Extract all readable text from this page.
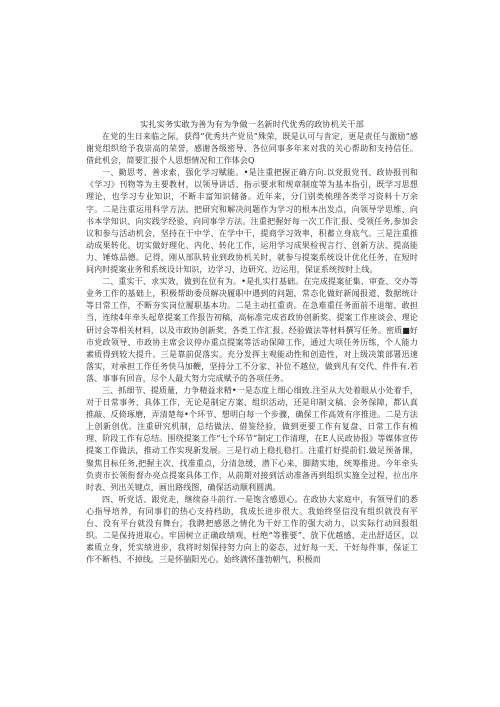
实扎实务实敢为善为有为争做一名新时代优秀的政协机关干部

在党的生日来临之际，获得“优秀共产党员”殊荣，既是认可与肯定，更是责任与激励“感谢党组织给予我崇高的荣誉，感谢各级密导、各位同事多年来对我的关心帮助和支持信任。借此机会，简要汇报个人思想情况和工作体会Q

一、勤思考、善求索，强化学习赋能。•是注重把握正确方向.以党报党刊、政协报刊和《学习》刊物等为主要教材，以领导讲话、指示要求和规章制度等为基本指引，既学习思想理论，也学习专业知识，不断丰富知识储备。近年来，分门别类梳理各类学习资料十万余字。二是注重运用科学方法。把研究和解决问题作为学习的根本出发点，向领导学思维、向书本学知识、向实践学经验、向同事学方法。注重把握好每一次工作汇报、受领任务,参加会议和参与活动机会，坚持在干中学、在学中干，提商学习效率，积蓄立身底气。三是注重推动成果转化。切实做好理化、内化、转化工作，运用学习成果检视言行、创新方法、提高能力、锤炼品德。记得，刚从部队转业到政协机关时，就参与提案系统设计优化任务，在短时间内时提案业务和系统设计知识，边学习、边研究、边运用，保证系统按时上线。

二、重实干、求实效，做到在位有为。•是扎实打基础。在完成提案征集、审查、交办等业务工作的基础上，积极帮助委员解决履职中遇到的问题，常态化做好新闻报道、数据统计等日常工作，不断夯实岗位履职基本功。二是主动扛重责。在急难重任务面前不退缩、敢担当，连续4年牵头起草提案工作报告初稿，高标准完成省政协创新奖、提案工作座谈会、理论研讨会等相关材料，以及市政协创新奖、各类工作汇报、经验做法等材料撰写任务。密质■好市党政领导、市政协主席会议停办重点提案等活动保障工作，通过大项任务历练，个人能力素质得到较大提升。三是靠前促落实。充分发挥主观能动性和创造性，对上级决策部署迅速落实，对承担工作任务快马加鞭，坚持分工不分家、补位不越位，做到凡有交代、件件有.若落、事事有回音，尽个人最大努力完成赋予的各项任务。

三、抓细节、提质量，力争精益求精•一是态度上细心细致.注至从大处着眼从小处着手，对于日常事务、具体工作，无论是制定方案、组织活动，还是印制文稿、会务保障，都认真推敲、反倚琢磨，弄清楚每•个环节、想明白每一个步骤，确保工作高效有序推进。二是方法上创新创优。注重研究机制，总结做法、借鉴经验，做到更要工作有复盘、日常工作有梳理、阶段工作有总结。围绕提案工作“七个环节”制定工作清理，在E人民政协报》等媒体宣传提案工作做法，推动工作实现新发展。三是行动上稳扎稳打。注重打好提前们.做足预备课，聚焦目标任务,把握主次、找准重点，分清急缓，潜下心来，脚踏实地，统筹推进。今年牵头负责市长领衔督办亮点提案具体工作，从前期对接到活动准备再到组织实施全过程，拉出序时表、列出关键点，画出路线图，确保活动顺利圆满。

四、听党话、跟党走，继续奋斗前行.一是饱含感恩心。在政协大家庭中，有领导们的悉心指导培养，有同事们的热心支持档助，我成长进步很大。我始终坚信没有组织就没有平台、没有平台就没有舞台，我聘把感恩之情化为干好工作的强大动力，以实际行动回报组织。二是保持进取心。牢固树立正确政绩观，杜绝“等雅要”、放下优越感、走出舒适区，以素质立身，凭实绩进步，我将时刻保持努力向上的姿态，过好每一天、干好每件事，保证工作不断档、不掉线。三是怀揣阳光心。始终满怀蓬勃朝气，积极而
